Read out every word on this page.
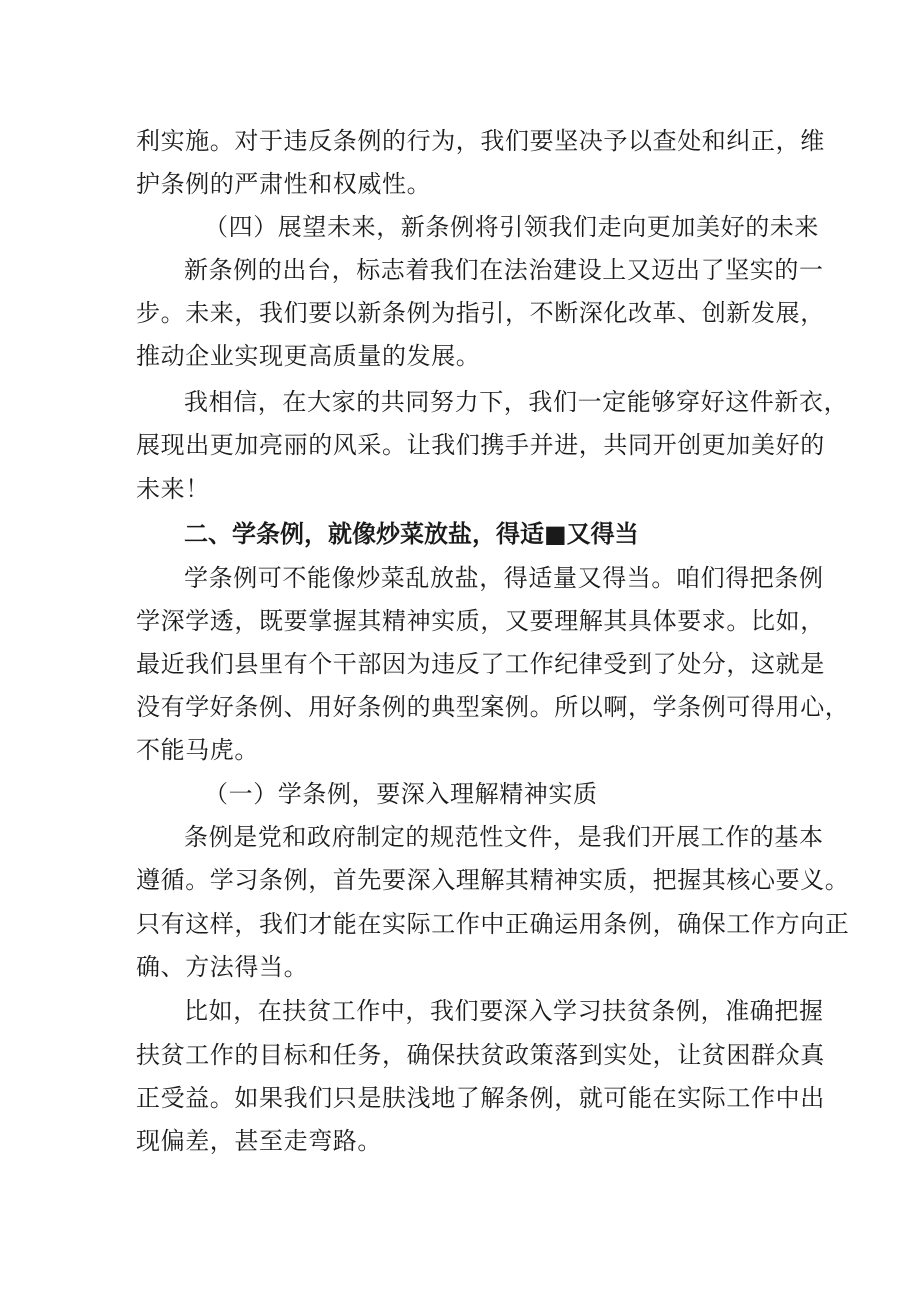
利实施。对于违反条例的行为，我们要坚决予以查处和纠正，维
护条例的严肃性和权威性。
（四）展望未来，新条例将引领我们走向更加美好的未来
新条例的出台，标志着我们在法治建设上又迈出了坚实的一
步。未来，我们要以新条例为指引，不断深化改革、创新发展，
推动企业实现更高质量的发展。
我相信，在大家的共同努力下，我们一定能够穿好这件新衣，
展现出更加亮丽的风采。让我们携手并进，共同开创更加美好的
未来！
二、学条例，就像炒菜放盐，得适■又得当
学条例可不能像炒菜乱放盐，得适量又得当。咱们得把条例
学深学透，既要掌握其精神实质，又要理解其具体要求。比如，
最近我们县里有个干部因为违反了工作纪律受到了处分，这就是
没有学好条例、用好条例的典型案例。所以啊，学条例可得用心，
不能马虎。
（一）学条例，要深入理解精神实质
条例是党和政府制定的规范性文件，是我们开展工作的基本
遵循。学习条例，首先要深入理解其精神实质，把握其核心要义。
只有这样，我们才能在实际工作中正确运用条例，确保工作方向正
确、方法得当。
比如，在扶贫工作中，我们要深入学习扶贫条例，准确把握
扶贫工作的目标和任务，确保扶贫政策落到实处，让贫困群众真
正受益。如果我们只是肤浅地了解条例，就可能在实际工作中出
现偏差，甚至走弯路。
